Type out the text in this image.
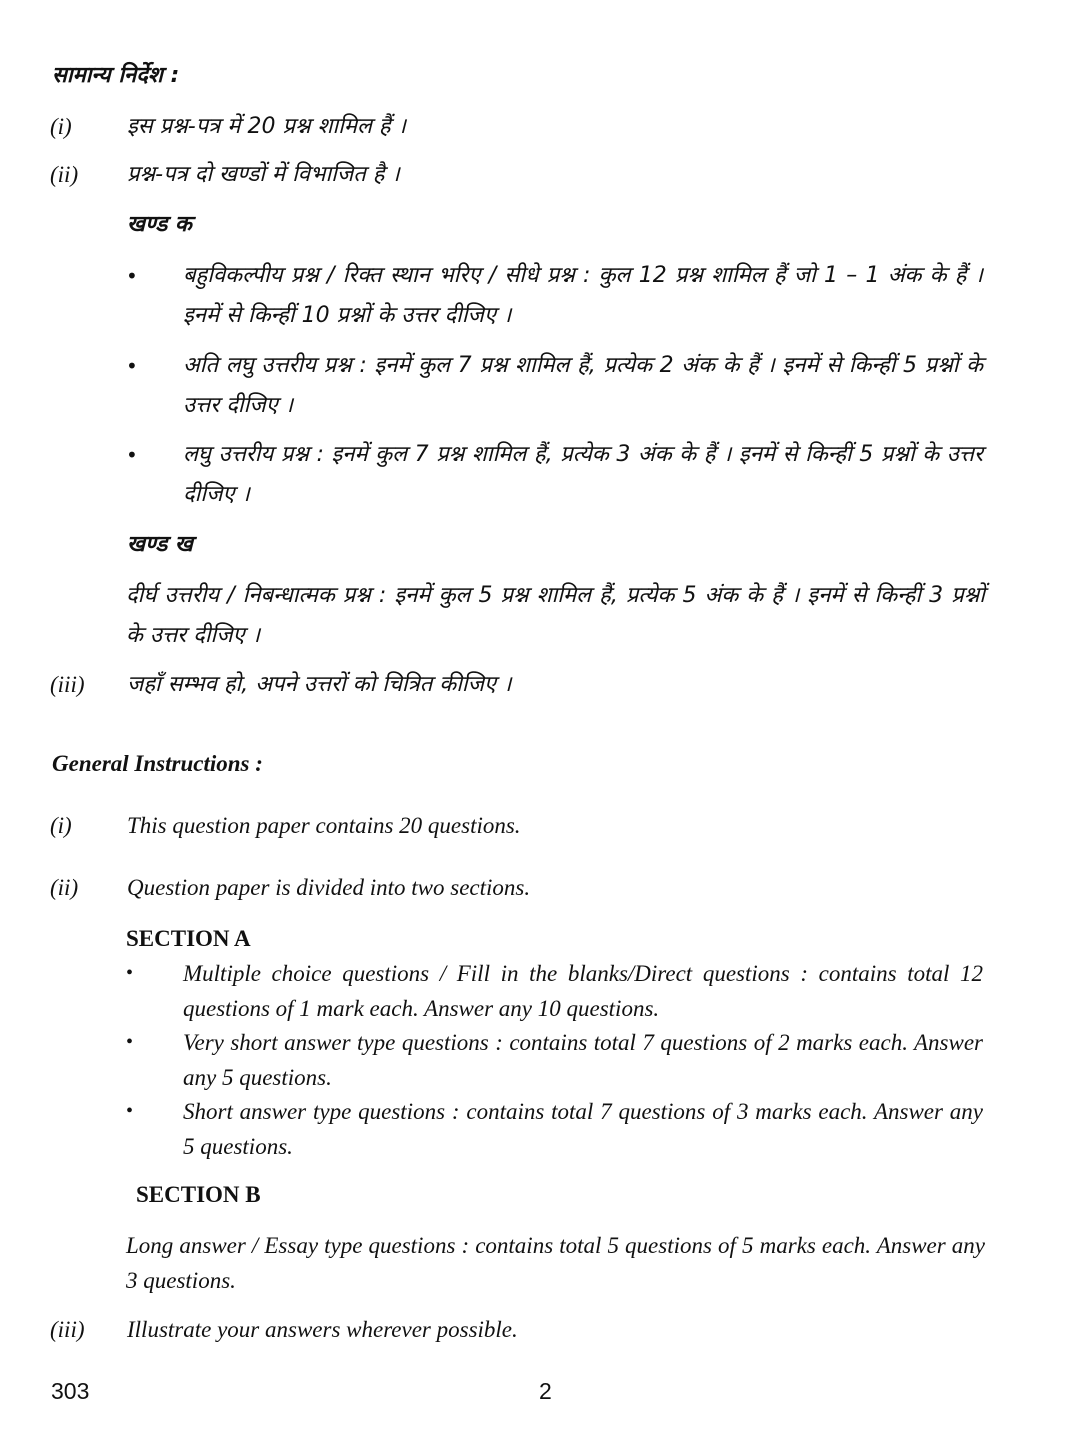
सामान्य निर्देश :
(i)	इस प्रश्न-पत्र में 20 प्रश्न शामिल हैं ।
(ii) प्रश्न-पत्र दो खण्डों में विभाजित है ।
खण्ड क
• बहुविकल्पीय प्रश्न / रिक्त स्थान भरिए / सीधे प्रश्न : कुल 12 प्रश्न शामिल हैं जो 1 – 1 अंक के हैं । इनमें से किन्हीं 10 प्रश्नों के उत्तर दीजिए ।
• अति लघु उत्तरीय प्रश्न : इनमें कुल 7 प्रश्न शामिल हैं, प्रत्येक 2 अंक के हैं । इनमें से किन्हीं 5 प्रश्नों के उत्तर दीजिए ।
• लघु उत्तरीय प्रश्न : इनमें कुल 7 प्रश्न शामिल हैं, प्रत्येक 3 अंक के हैं । इनमें से किन्हीं 5 प्रश्नों के उत्तर दीजिए ।
खण्ड ख
दीर्घ उत्तरीय / निबन्धात्मक प्रश्न : इनमें कुल 5 प्रश्न शामिल हैं, प्रत्येक 5 अंक के हैं । इनमें से किन्हीं 3 प्रश्नों के उत्तर दीजिए ।
(iii) जहाँ सम्भव हो, अपने उत्तरों को चित्रित कीजिए ।
General Instructions :
(i) This question paper contains 20 questions.
(ii) Question paper is divided into two sections.
SECTION A
• Multiple choice questions / Fill in the blanks/Direct questions : contains total 12 questions of 1 mark each. Answer any 10 questions.
• Very short answer type questions : contains total 7 questions of 2 marks each. Answer any 5 questions.
• Short answer type questions : contains total 7 questions of 3 marks each. Answer any 5 questions.
SECTION B
Long answer / Essay type questions : contains total 5 questions of 5 marks each. Answer any 3 questions.
(iii) Illustrate your answers wherever possible.
303	2
